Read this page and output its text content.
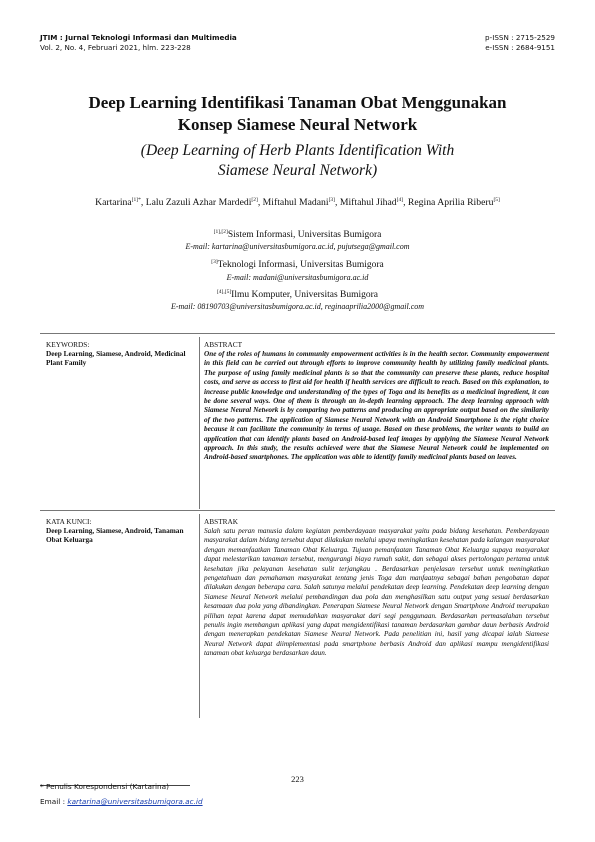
JTIM : Jurnal Teknologi Informasi dan Multimedia
Vol. 2, No. 4, Februari 2021, hlm. 223-228
p-ISSN : 2715-2529
e-ISSN : 2684-9151
Deep Learning Identifikasi Tanaman Obat Menggunakan
Konsep Siamese Neural Network
(Deep Learning of Herb Plants Identification With
Siamese Neural Network)
Kartarina$^{[1]*}$, Lalu Zazuli Azhar Mardedi[2], Miftahul Madani[3], Miftahul Jihad[4], Regina Aprilia Riberu[5]
[1],[2]Sistem Informasi, Universitas Bumigora
E-mail: kartarina@universitasbumigora.ac.id, pujutsega@gmail.com
[3]Teknologi Informasi, Universitas Bumigora
E-mail: madani@universitasbumigora.ac.id
[4],[5]Ilmu Komputer, Universitas Bumigora
E-mail: 08190703@universitasbumigora.ac.id, reginaaprilia2000@gmail.com
KEYWORDS:
Deep Learning, Siamese, Android, Medicinal Plant Family
ABSTRACT
One of the roles of humans in community empowerment activities is in the health sector. Community empowerment in this field can be carried out through efforts to improve community health by utilizing family medicinal plants. The purpose of using family medicinal plants is so that the community can preserve these plants, reduce hospital costs, and serve as access to first aid for health if health services are difficult to reach. Based on this explanation, to increase public knowledge and understanding of the types of Toga and its benefits as a medicinal ingredient, it can be done several ways. One of them is through an in-depth learning approach. The deep learning approach with Siamese Neural Network is by comparing two patterns and producing an appropriate output based on the similarity of the two patterns. The application of Siamese Neural Network with an Android Smartphone is the right choice because it can facilitate the community in terms of usage. Based on these problems, the writer wants to build an application that can identify plants based on Android-based leaf images by applying the Siamese Neural Network approach. In this study, the results achieved were that the Siamese Neural Network could be implemented on Android-based smartphones. The application was able to identify family medicinal plants based on leaves.
KATA KUNCI:
Deep Learning, Siamese, Android, Tanaman Obat Keluarga
ABSTRAK
Salah satu peran manusia dalam kegiatan pemberdayaan masyarakat yaitu pada bidang kesehatan. Pemberdayaan masyarakat dalam bidang tersebut dapat dilakukan melalui upaya meningkatkan kesehatan pada kalangan masyarakat dengan memanfaatkan Tanaman Obat Keluarga. Tujuan pemanfaatan Tanaman Obat Keluarga supaya masyarakat dapat melestarikan tanaman tersebut, mengurangi biaya rumah sakit, dan sebagai akses pertolongan pertama untuk kesehatan jika pelayanan kesehatan sulit terjangkau . Berdasarkan penjelasan tersebut untuk meningkatkan pengetahuan dan pemahaman masyarakat tentang jenis Toga dan manfaatnya sebagai bahan pengobatan dapat dilakukan dengan beberapa cara. Salah satunya melalui pendekatan deep learning. Pendekatan deep learning dengan Siamese Neural Network melalui pembandingan dua pola dan menghasilkan satu output yang sesuai berdasarkan kesamaan dua pola yang dibandingkan. Penerapan Siamese Neural Network dengan Smartphone Android merupakan pilihan tepat karena dapat memudahkan masyarakat dari segi penggunaan. Berdasarkan permasalahan tersebut penulis ingin membangun aplikasi yang dapat mengidentifikasi tanaman berdasarkan gambar daun berbasis Android dengan menerapkan pendekatan Siamese Neural Network. Pada penelitian ini, hasil yang dicapai ialah Siamese Neural Network dapat diimplementasi pada smartphone berbasis Android dan aplikasi mampu mengidentifikasi tanaman obat keluarga berdasarkan daun.
223
* Penulis Korespondensi (Kartarina)
Email : kartarina@universitasbumigora.ac.id
